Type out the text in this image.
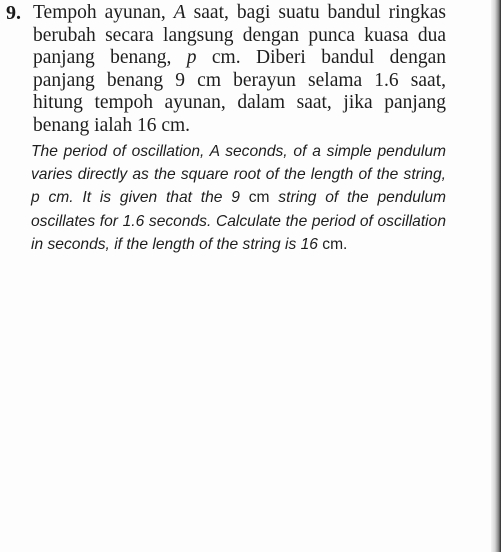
9. Tempoh ayunan, A saat, bagi suatu bandul ringkas berubah secara langsung dengan punca kuasa dua panjang benang, p cm. Diberi bandul dengan panjang benang 9 cm berayun selama 1.6 saat, hitung tempoh ayunan, dalam saat, jika panjang benang ialah 16 cm.
The period of oscillation, A seconds, of a simple pendulum varies directly as the square root of the length of the string, p cm. It is given that the 9 cm string of the pendulum oscillates for 1.6 seconds. Calculate the period of oscillation in seconds, if the length of the string is 16 cm.
